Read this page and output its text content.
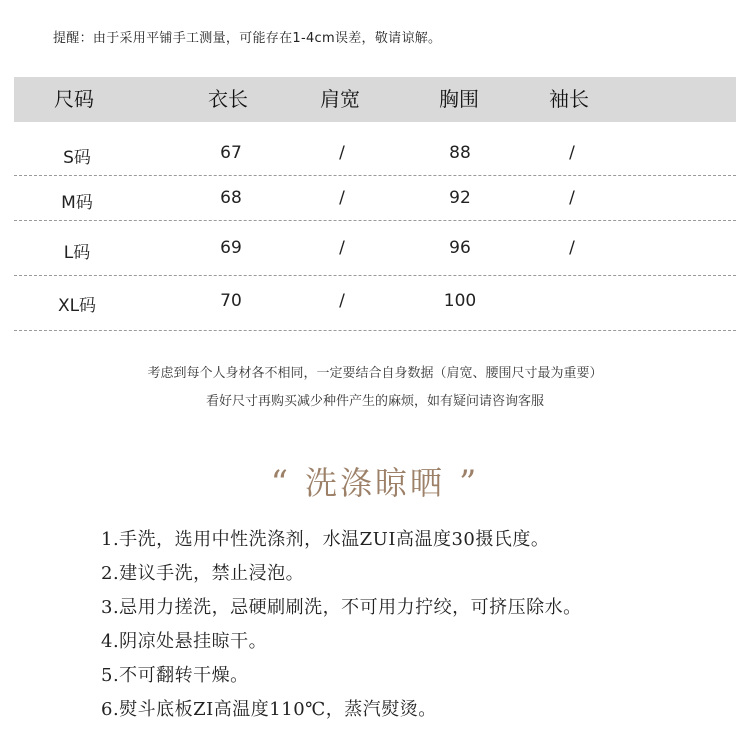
提醒：由于采用平铺手工测量，可能存在1-4cm误差，敬请谅解。
尺码	衣长	肩宽	胸围	袖长
S码	67	/	88	/
M码	68	/	92	/
L码	69	/	96	/
XL码	70	/	100
考虑到每个人身材各不相同，一定要结合自身数据（肩宽、腰围尺寸最为重要）
看好尺寸再购买减少种件产生的麻烦，如有疑问请咨询客服
“ 洗涤晾晒 ”
1.手洗，选用中性洗涤剂，水温ZUI高温度30摄氏度。
2.建议手洗，禁止浸泡。
3.忌用力搓洗，忌硬刷刷洗，不可用力拧绞，可挤压除水。
4.阴凉处悬挂晾干。
5.不可翻转干燥。
6.熨斗底板ZI高温度110℃，蒸汽熨烫。
